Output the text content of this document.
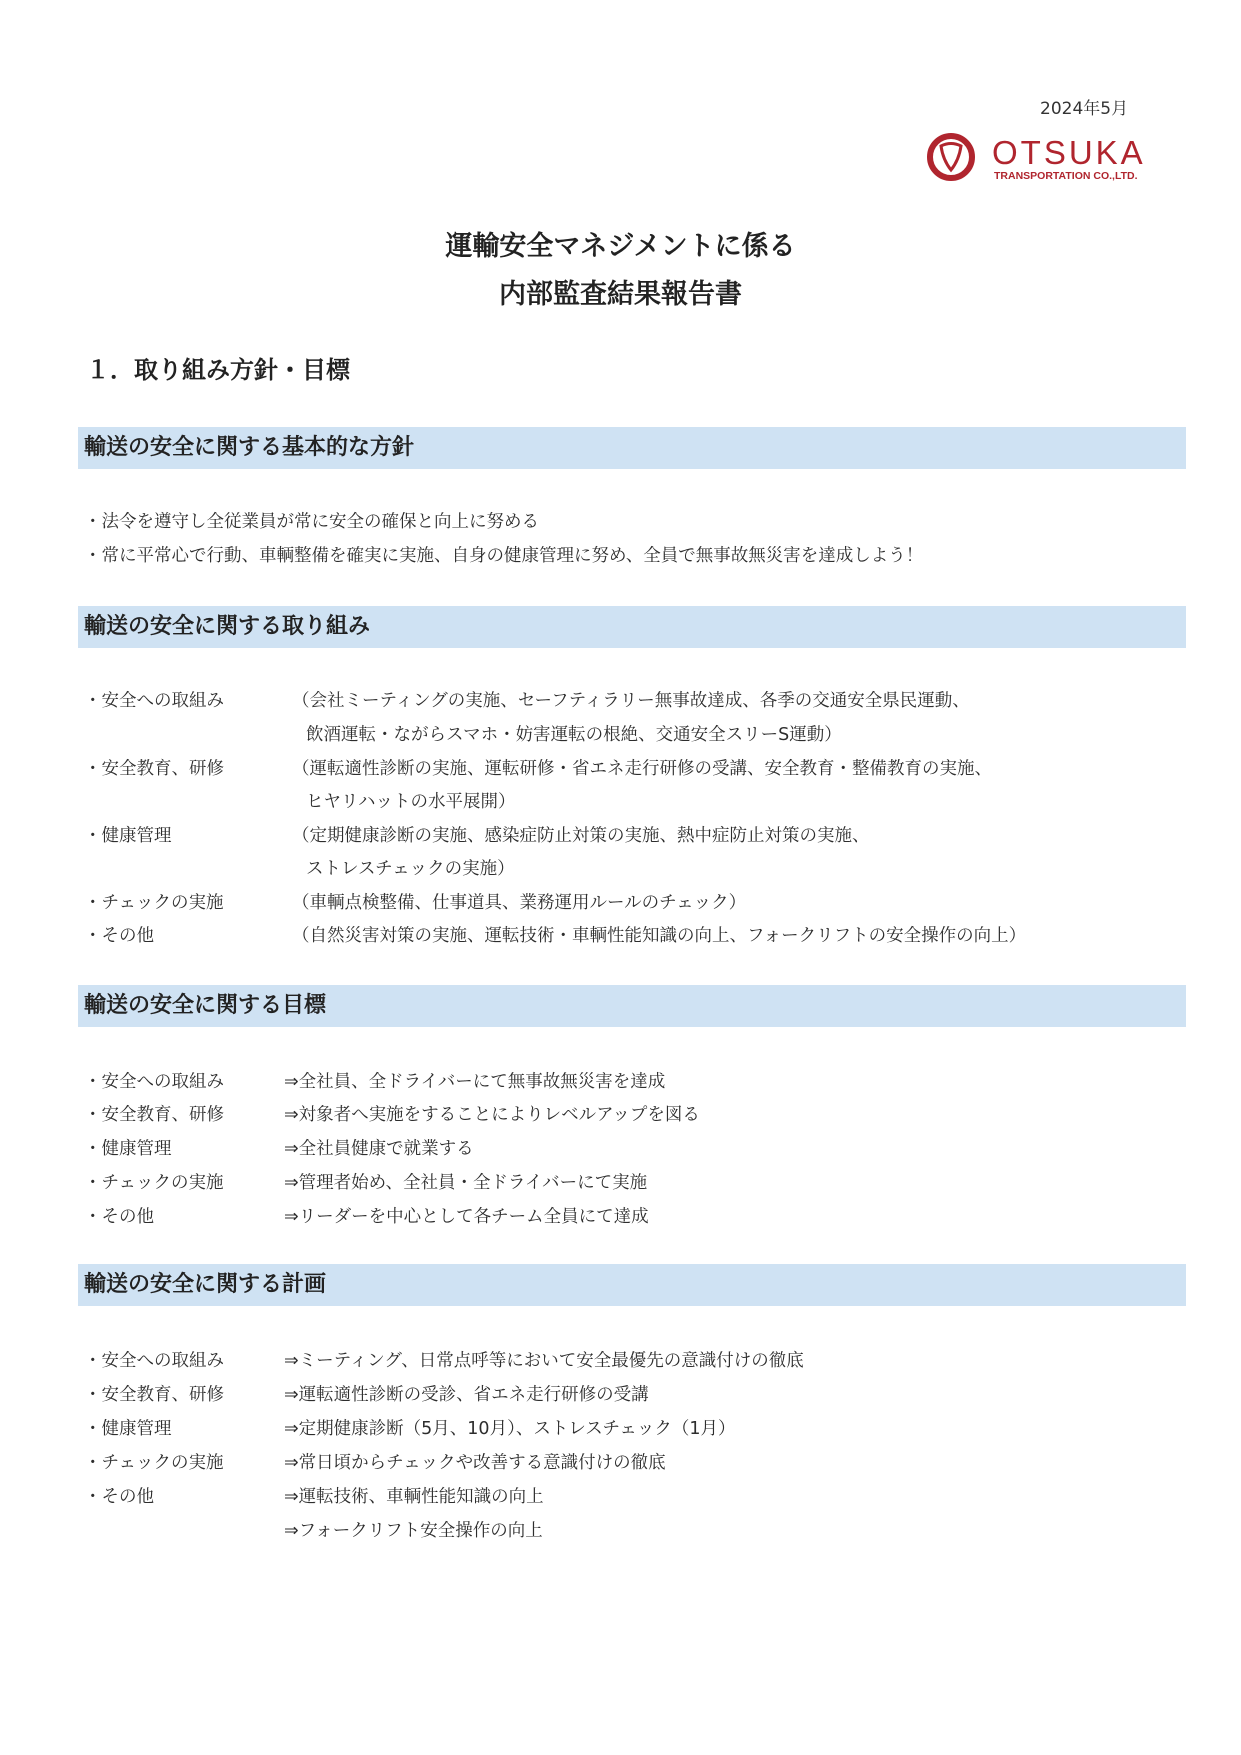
2024年5月
OTSUKA
TRANSPORTATION CO.,LTD.
運輸安全マネジメントに係る
内部監査結果報告書
１．取り組み方針・目標
輸送の安全に関する基本的な方針
・法令を遵守し全従業員が常に安全の確保と向上に努める
・常に平常心で行動、車輌整備を確実に実施、自身の健康管理に努め、全員で無事故無災害を達成しよう！
輸送の安全に関する取り組み
・安全への取組み	（会社ミーティングの実施、セーフティラリー無事故達成、各季の交通安全県民運動、
飲酒運転・ながらスマホ・妨害運転の根絶、交通安全スリーS運動）
・安全教育、研修	（運転適性診断の実施、運転研修・省エネ走行研修の受講、安全教育・整備教育の実施、
ヒヤリハットの水平展開）
・健康管理	（定期健康診断の実施、感染症防止対策の実施、熱中症防止対策の実施、
ストレスチェックの実施）
・チェックの実施	（車輌点検整備、仕事道具、業務運用ルールのチェック）
・その他	（自然災害対策の実施、運転技術・車輌性能知識の向上、フォークリフトの安全操作の向上）
輸送の安全に関する目標
・安全への取組み	⇒全社員、全ドライバーにて無事故無災害を達成
・安全教育、研修	⇒対象者へ実施をすることによりレベルアップを図る
・健康管理	⇒全社員健康で就業する
・チェックの実施	⇒管理者始め、全社員・全ドライバーにて実施
・その他	⇒リーダーを中心として各チーム全員にて達成
輸送の安全に関する計画
・安全への取組み	⇒ミーティング、日常点呼等において安全最優先の意識付けの徹底
・安全教育、研修	⇒運転適性診断の受診、省エネ走行研修の受講
・健康管理	⇒定期健康診断（5月、10月）、ストレスチェック（1月）
・チェックの実施	⇒常日頃からチェックや改善する意識付けの徹底
・その他	⇒運転技術、車輌性能知識の向上
⇒フォークリフト安全操作の向上
